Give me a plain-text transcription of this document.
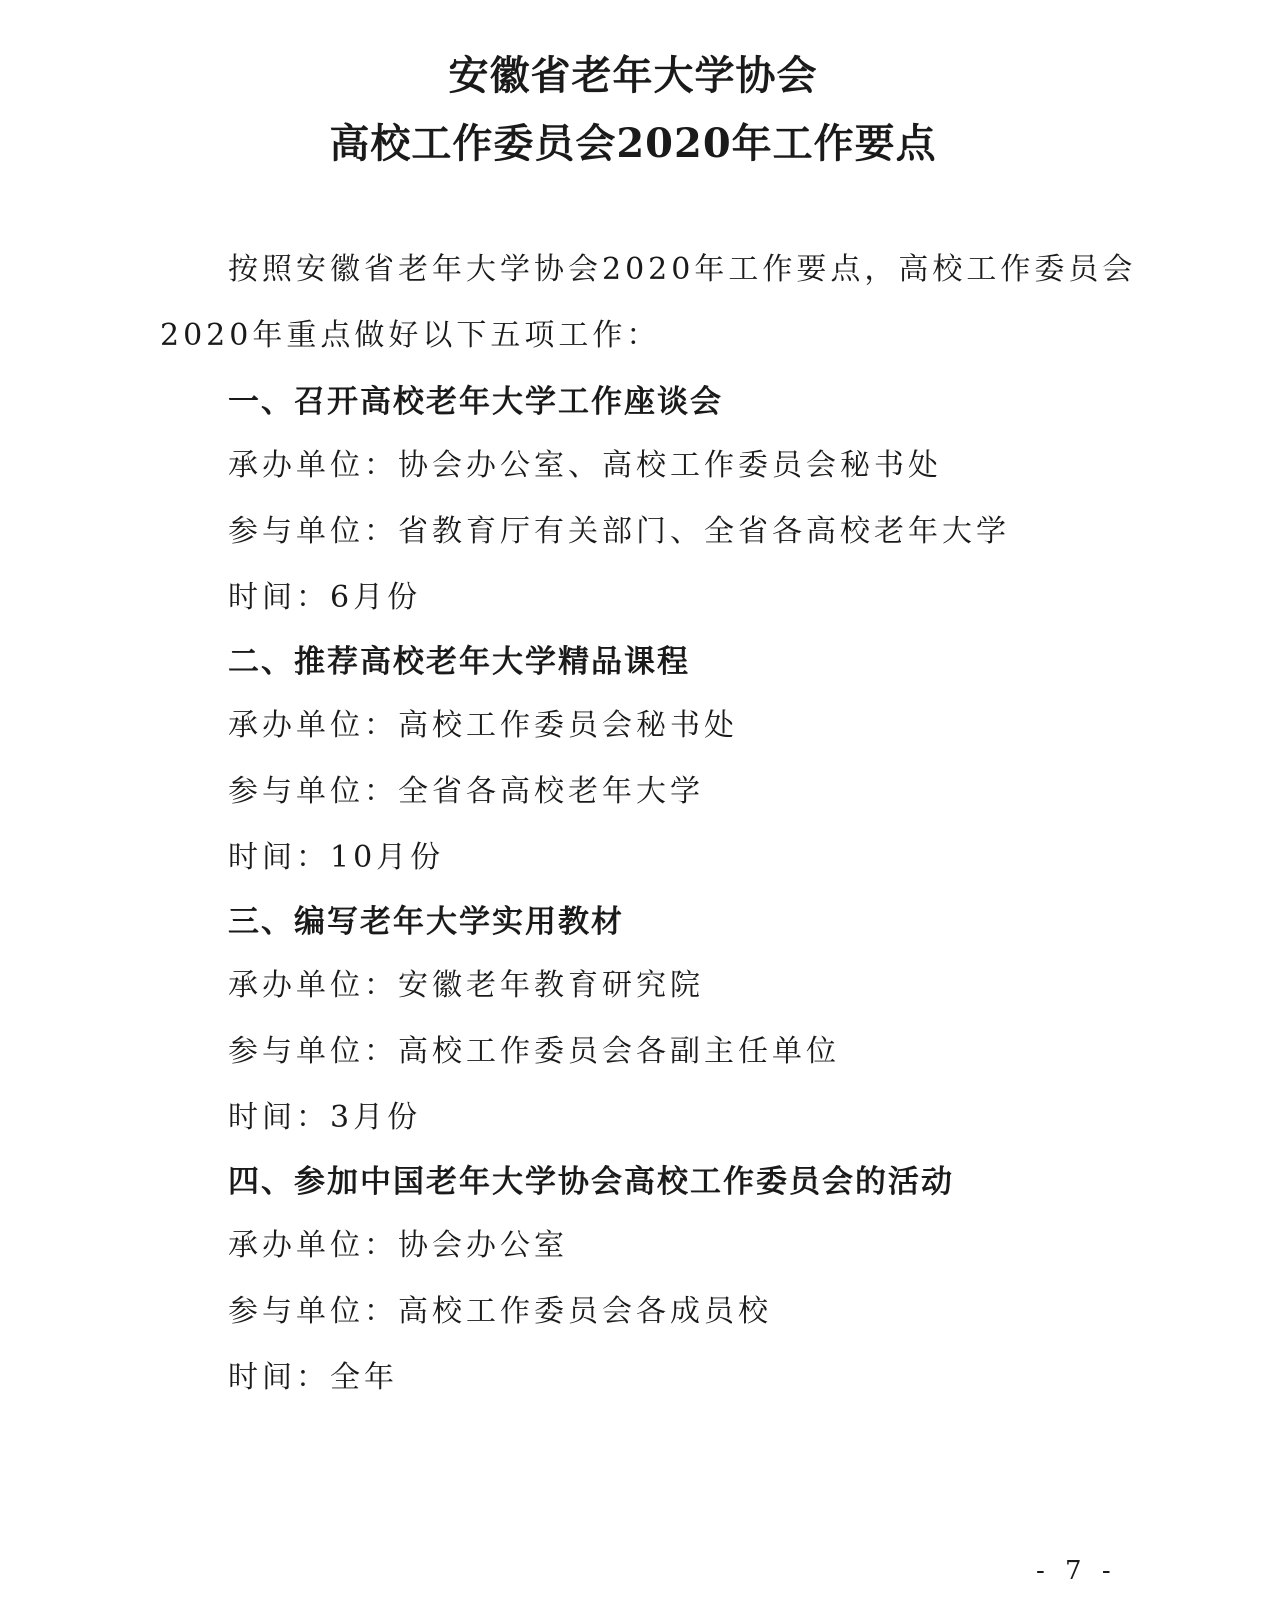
安徽省老年大学协会
高校工作委员会2020年工作要点
按照安徽省老年大学协会2020年工作要点，高校工作委员会
2020年重点做好以下五项工作：
一、召开高校老年大学工作座谈会
承办单位：协会办公室、高校工作委员会秘书处
参与单位：省教育厅有关部门、全省各高校老年大学
时间：6月份
二、推荐高校老年大学精品课程
承办单位：高校工作委员会秘书处
参与单位：全省各高校老年大学
时间：10月份
三、编写老年大学实用教材
承办单位：安徽老年教育研究院
参与单位：高校工作委员会各副主任单位
时间：3月份
四、参加中国老年大学协会高校工作委员会的活动
承办单位：协会办公室
参与单位：高校工作委员会各成员校
时间：全年
- 7 -
